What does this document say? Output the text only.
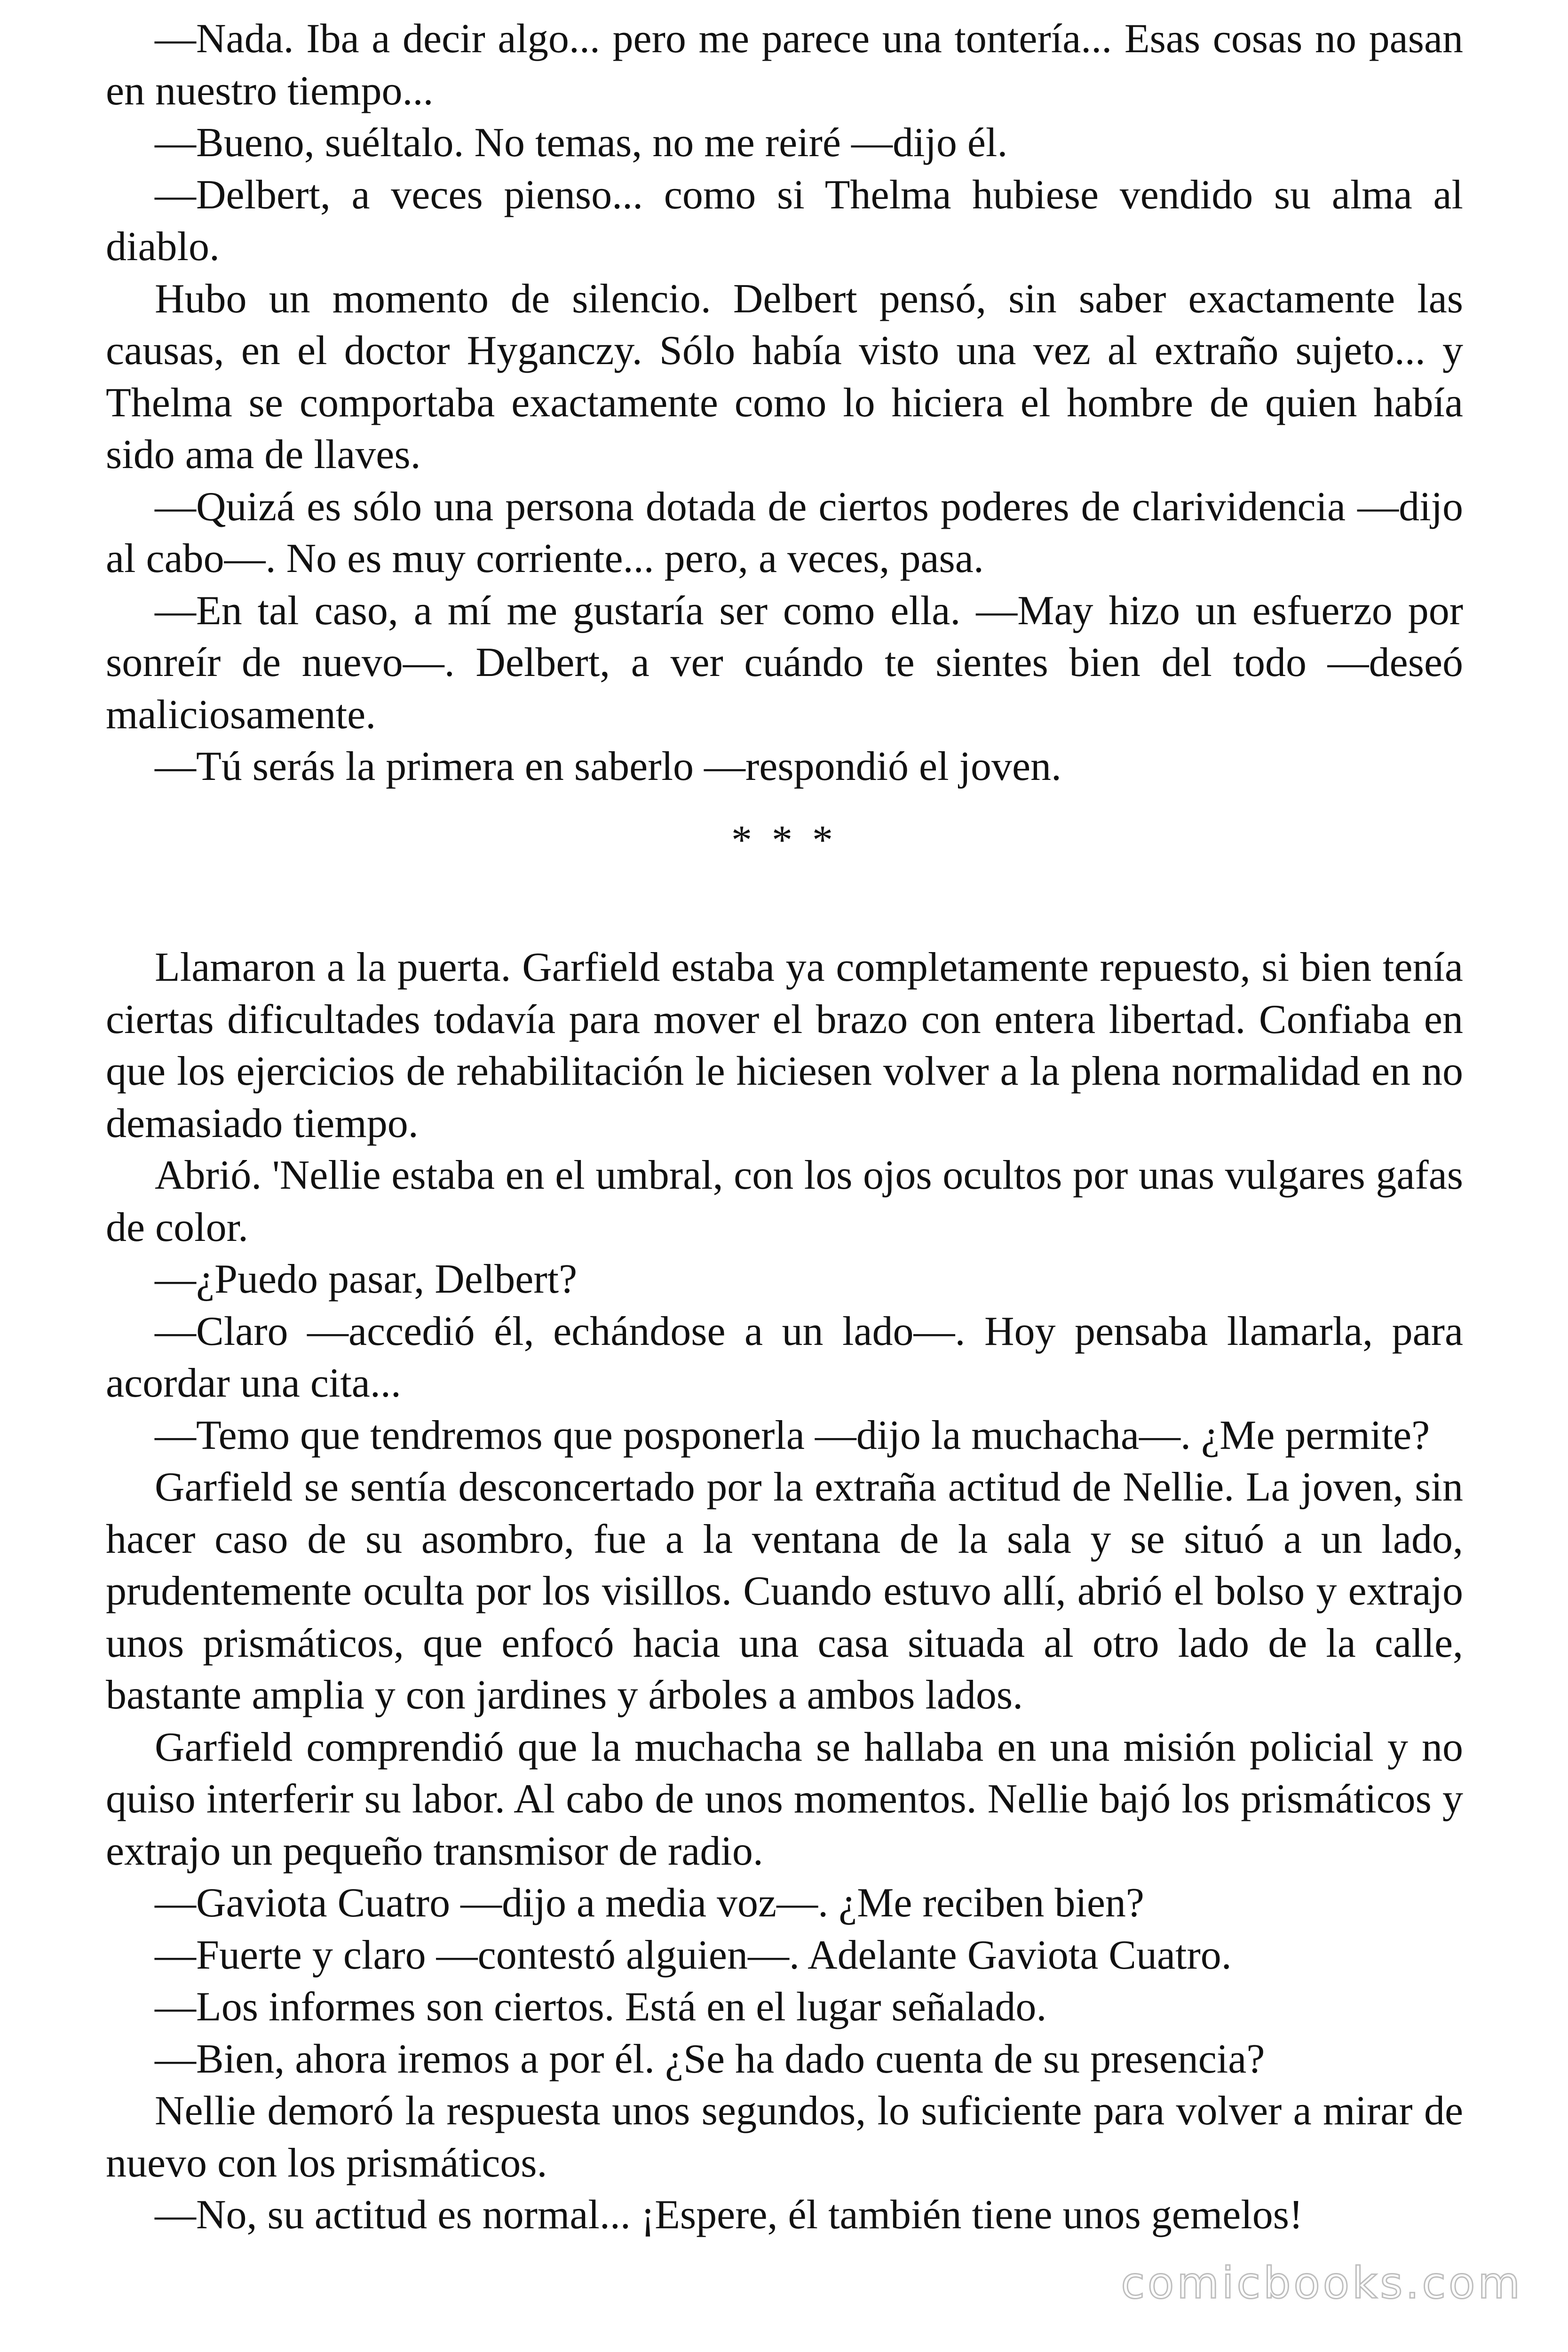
—Nada. Iba a decir algo... pero me parece una tontería... Esas cosas no pasan en nuestro tiempo...

—Bueno, suéltalo. No temas, no me reiré —dijo él.

—Delbert, a veces pienso... como si Thelma hubiese vendido su alma al diablo.

Hubo un momento de silencio. Delbert pensó, sin saber exactamente las causas, en el doctor Hyganczy. Sólo había visto una vez al extraño sujeto... y Thelma se comportaba exactamente como lo hiciera el hombre de quien había sido ama de llaves.

—Quizá es sólo una persona dotada de ciertos poderes de clarividencia —dijo al cabo—. No es muy corriente... pero, a veces, pasa.

—En tal caso, a mí me gustaría ser como ella. —May hizo un esfuerzo por sonreír de nuevo—. Delbert, a ver cuándo te sientes bien del todo —deseó maliciosamente.

—Tú serás la primera en saberlo —respondió el joven.

* * *

Llamaron a la puerta. Garfield estaba ya completamente repuesto, si bien tenía ciertas dificultades todavía para mover el brazo con entera libertad. Confiaba en que los ejercicios de rehabilitación le hiciesen volver a la plena normalidad en no demasiado tiempo.

Abrió. 'Nellie estaba en el umbral, con los ojos ocultos por unas vulgares gafas de color.

—¿Puedo pasar, Delbert?

—Claro —accedió él, echándose a un lado—. Hoy pensaba llamarla, para acordar una cita...

—Temo que tendremos que posponerla —dijo la muchacha—. ¿Me permite?

Garfield se sentía desconcertado por la extraña actitud de Nellie. La joven, sin hacer caso de su asombro, fue a la ventana de la sala y se situó a un lado, prudentemente oculta por los visillos. Cuando estuvo allí, abrió el bolso y extrajo unos prismáticos, que enfocó hacia una casa situada al otro lado de la calle, bastante amplia y con jardines y árboles a ambos lados.

Garfield comprendió que la muchacha se hallaba en una misión policial y no quiso interferir su labor. Al cabo de unos momentos. Nellie bajó los prismáticos y extrajo un pequeño transmisor de radio.

—Gaviota Cuatro —dijo a media voz—. ¿Me reciben bien?

—Fuerte y claro —contestó alguien—. Adelante Gaviota Cuatro.

—Los informes son ciertos. Está en el lugar señalado.

—Bien, ahora iremos a por él. ¿Se ha dado cuenta de su presencia?

Nellie demoró la respuesta unos segundos, lo suficiente para volver a mirar de nuevo con los prismáticos.

—No, su actitud es normal... ¡Espere, él también tiene unos gemelos!

comicbooks.com
